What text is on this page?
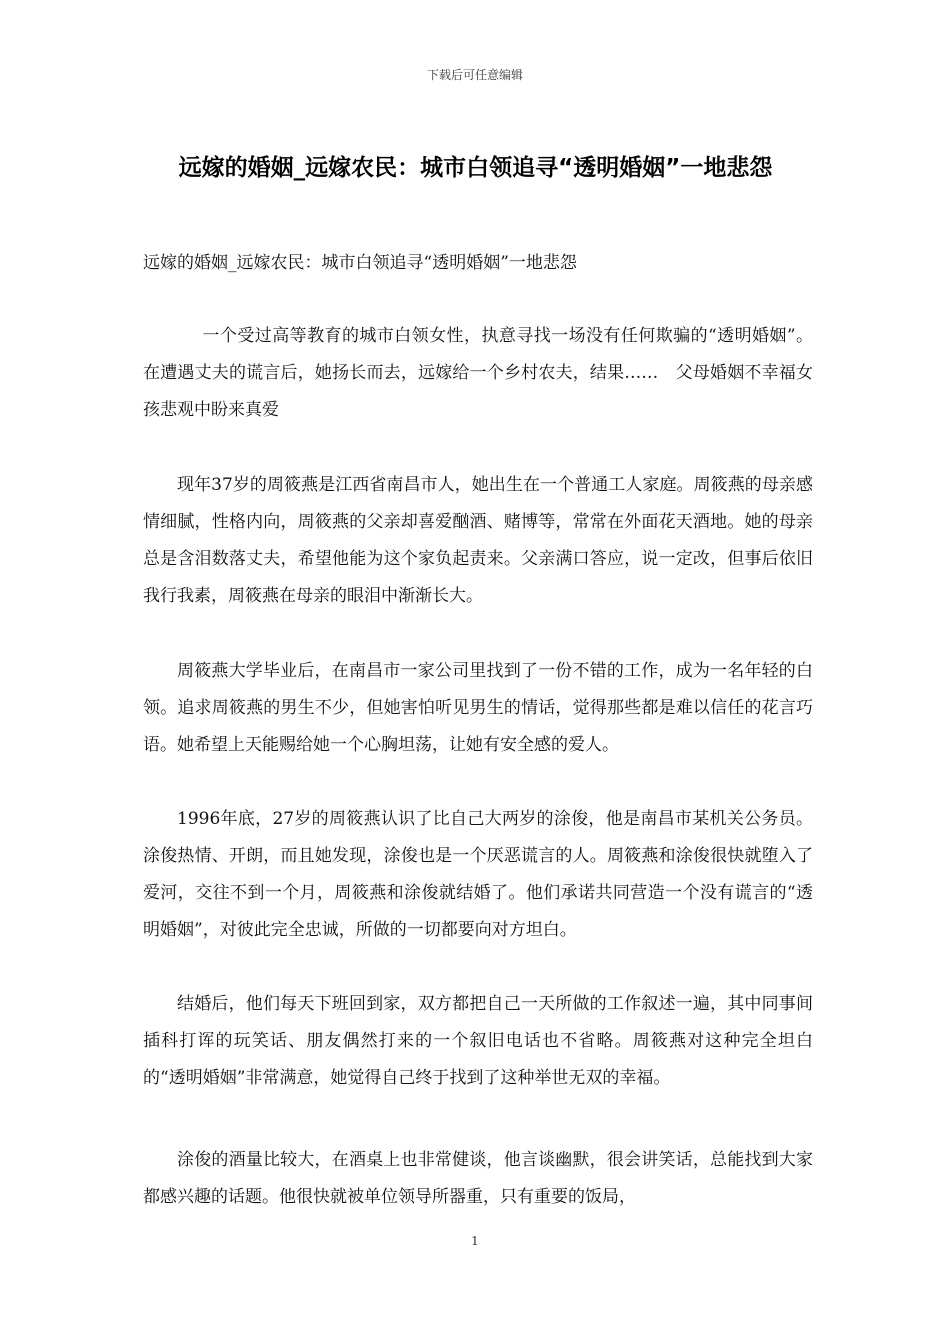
下载后可任意编辑
远嫁的婚姻_远嫁农民：城市白领追寻“透明婚姻”一地悲怨
远嫁的婚姻_远嫁农民：城市白领追寻“透明婚姻”一地悲怨

一个受过高等教育的城市白领女性，执意寻找一场没有任何欺骗的“透明婚姻”。在遭遇丈夫的谎言后，她扬长而去，远嫁给一个乡村农夫，结果……　父母婚姻不幸福女孩悲观中盼来真爱

现年37岁的周筱燕是江西省南昌市人，她出生在一个普通工人家庭。周筱燕的母亲感情细腻，性格内向，周筱燕的父亲却喜爱酗酒、赌博等，常常在外面花天酒地。她的母亲总是含泪数落丈夫，希望他能为这个家负起责来。父亲满口答应，说一定改，但事后依旧我行我素，周筱燕在母亲的眼泪中渐渐长大。

周筱燕大学毕业后，在南昌市一家公司里找到了一份不错的工作，成为一名年轻的白领。追求周筱燕的男生不少，但她害怕听见男生的情话，觉得那些都是难以信任的花言巧语。她希望上天能赐给她一个心胸坦荡，让她有安全感的爱人。

1996年底，27岁的周筱燕认识了比自己大两岁的涂俊，他是南昌市某机关公务员。涂俊热情、开朗，而且她发现，涂俊也是一个厌恶谎言的人。周筱燕和涂俊很快就堕入了爱河，交往不到一个月，周筱燕和涂俊就结婚了。他们承诺共同营造一个没有谎言的“透明婚姻”，对彼此完全忠诚，所做的一切都要向对方坦白。

结婚后，他们每天下班回到家，双方都把自己一天所做的工作叙述一遍，其中同事间插科打诨的玩笑话、朋友偶然打来的一个叙旧电话也不省略。周筱燕对这种完全坦白的“透明婚姻”非常满意，她觉得自己终于找到了这种举世无双的幸福。

涂俊的酒量比较大，在酒桌上也非常健谈，他言谈幽默，很会讲笑话，总能找到大家都感兴趣的话题。他很快就被单位领导所器重，只有重要的饭局，

1
